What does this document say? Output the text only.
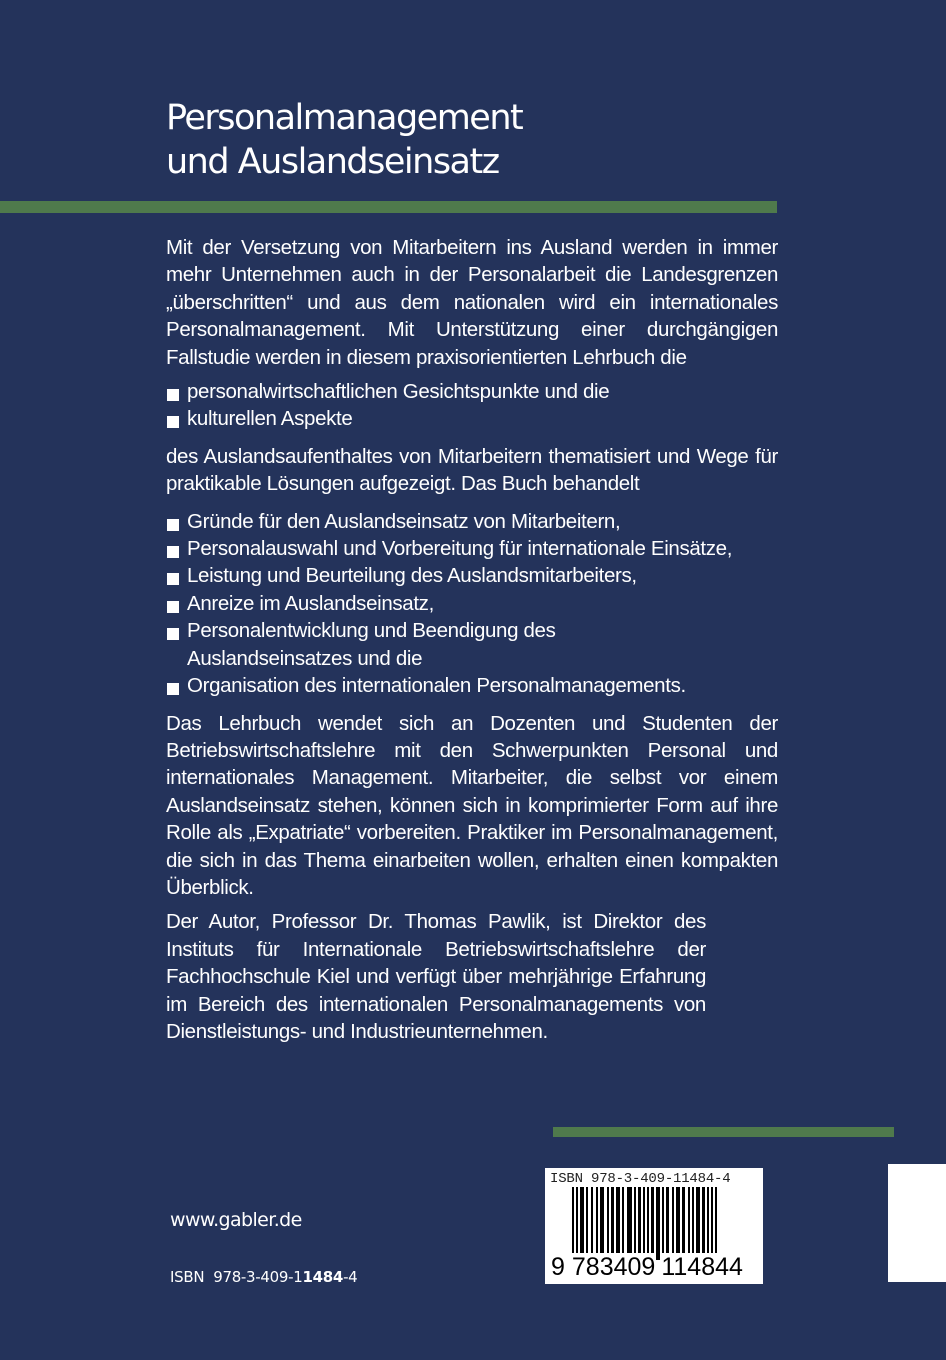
Personalmanagement
und Auslandseinsatz

Mit der Versetzung von Mitarbeitern ins Ausland werden in immer mehr Unternehmen auch in der Personalarbeit die Landesgrenzen „überschritten“ und aus dem nationalen wird ein internationales Personalmanagement. Mit Unterstützung einer durchgängigen Fallstudie werden in diesem praxisorientierten Lehrbuch die

personalwirtschaftlichen Gesichtspunkte und die
kulturellen Aspekte

des Auslandsaufenthaltes von Mitarbeitern thematisiert und Wege für praktikable Lösungen aufgezeigt. Das Buch behandelt

Gründe für den Auslandseinsatz von Mitarbeitern,
Personalauswahl und Vorbereitung für internationale Einsätze,
Leistung und Beurteilung des Auslandsmitarbeiters,
Anreize im Auslandseinsatz,
Personalentwicklung und Beendigung des Auslandseinsatzes und die
Organisation des internationalen Personalmanagements.

Das Lehrbuch wendet sich an Dozenten und Studenten der Betriebswirtschaftslehre mit den Schwerpunkten Personal und internationales Management. Mitarbeiter, die selbst vor einem Auslandseinsatz stehen, können sich in komprimierter Form auf ihre Rolle als „Expatriate“ vorbereiten. Praktiker im Personalmanagement, die sich in das Thema einarbeiten wollen, erhalten einen kompakten Überblick.

Der Autor, Professor Dr. Thomas Pawlik, ist Direktor des Instituts für Internationale Betriebswirtschaftslehre der Fachhochschule Kiel und verfügt über mehrjährige Erfahrung im Bereich des internationalen Personalmanagements von Dienstleistungs- und Industrieunternehmen.

www.gabler.de
ISBN 978-3-409-11484-4
ISBN 978-3-409-11484-4
9 783409 114844
